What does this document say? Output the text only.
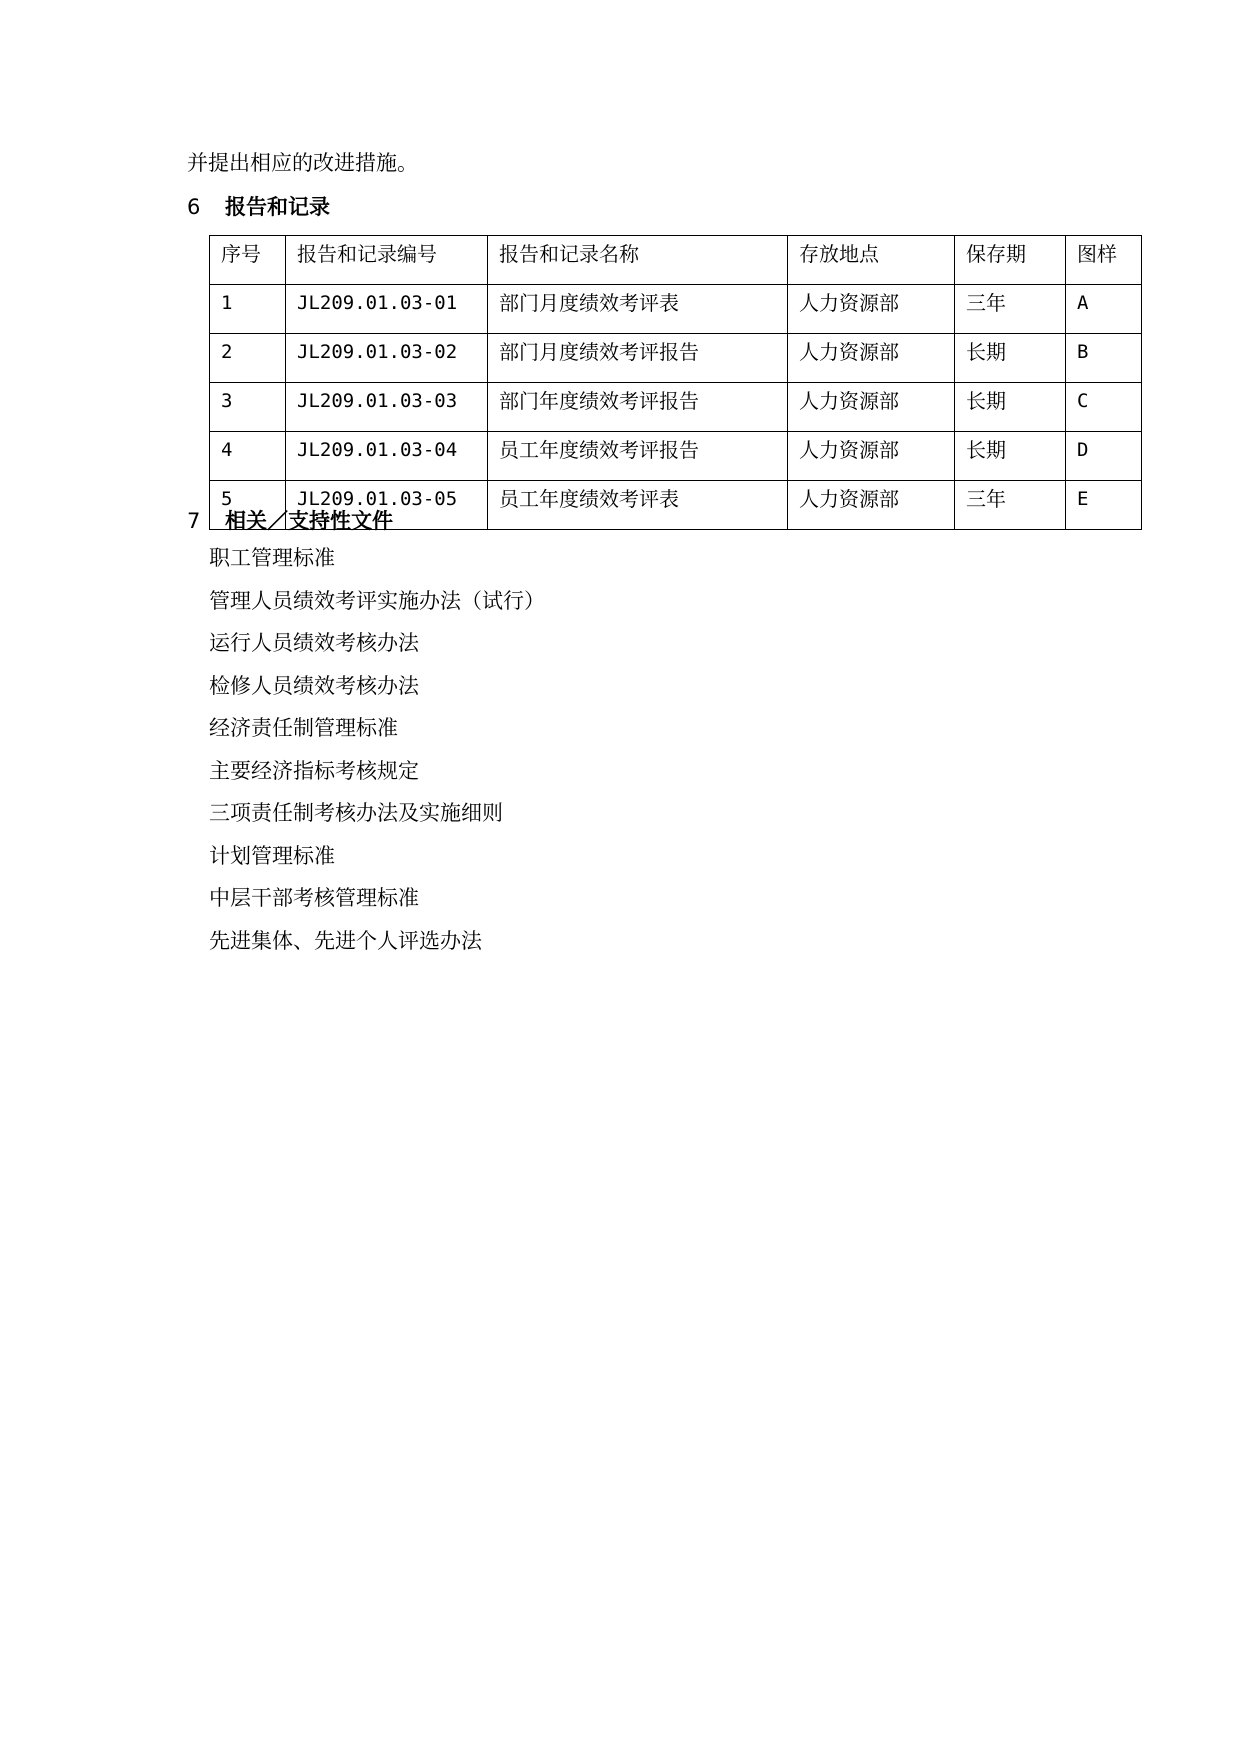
并提出相应的改进措施。
6 报告和记录
序号	报告和记录编号	报告和记录名称	存放地点	保存期	图样
1	JL209.01.03-01	部门月度绩效考评表	人力资源部	三年	A
2	JL209.01.03-02	部门月度绩效考评报告	人力资源部	长期	B
3	JL209.01.03-03	部门年度绩效考评报告	人力资源部	长期	C
4	JL209.01.03-04	员工年度绩效考评报告	人力资源部	长期	D
5	JL209.01.03-05	员工年度绩效考评表	人力资源部	三年	E
7 相关／支持性文件
职工管理标准
管理人员绩效考评实施办法（试行）
运行人员绩效考核办法
检修人员绩效考核办法
经济责任制管理标准
主要经济指标考核规定
三项责任制考核办法及实施细则
计划管理标准
中层干部考核管理标准
先进集体、先进个人评选办法
